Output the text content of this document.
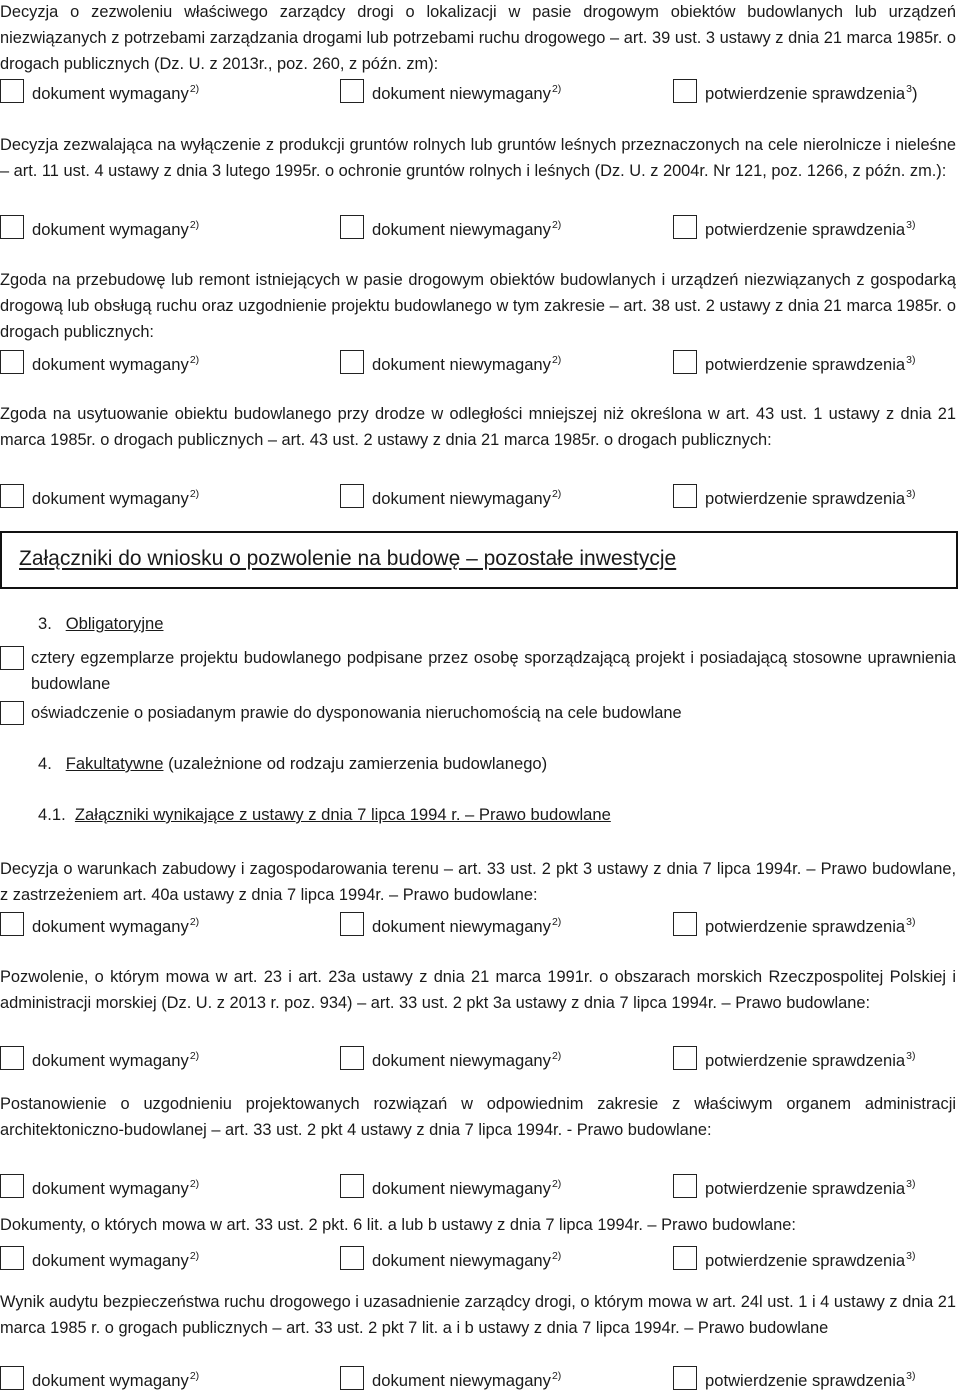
Decyzja o zezwoleniu właściwego zarządcy drogi o lokalizacji w pasie drogowym obiektów budowlanych lub urządzeń niezwiązanych z potrzebami zarządzania drogami lub potrzebami ruchu drogowego – art. 39 ust. 3 ustawy z dnia 21 marca 1985r. o drogach publicznych (Dz. U. z 2013r., poz. 260, z późn. zm):

dokument wymagany 2)	dokument niewymagany 2)	potwierdzenie sprawdzenia 3 )

Decyzja zezwalająca na wyłączenie z produkcji gruntów rolnych lub gruntów leśnych przeznaczonych na cele nierolnicze i nieleśne – art. 11 ust. 4 ustawy z dnia 3 lutego 1995r. o ochronie gruntów rolnych i leśnych (Dz. U. z 2004r. Nr 121, poz. 1266, z późn. zm.):

dokument wymagany 2)	dokument niewymagany 2)	potwierdzenie sprawdzenia 3)

Zgoda na przebudowę lub remont istniejących w pasie drogowym obiektów budowlanych i urządzeń niezwiązanych z gospodarką drogową lub obsługą ruchu oraz uzgodnienie projektu budowlanego w tym zakresie – art. 38 ust. 2 ustawy z dnia 21 marca 1985r. o drogach publicznych:

dokument wymagany 2)	dokument niewymagany 2)	potwierdzenie sprawdzenia 3)

Zgoda na usytuowanie obiektu budowlanego przy drodze w odległości mniejszej niż określona w art. 43 ust. 1 ustawy z dnia 21 marca 1985r. o drogach publicznych – art. 43 ust. 2 ustawy z dnia 21 marca 1985r. o drogach publicznych:

dokument wymagany 2)	dokument niewymagany 2)	potwierdzenie sprawdzenia 3)
Załączniki do wniosku o pozwolenie na budowę – pozostałe inwestycje
3. Obligatoryjne
cztery egzemplarze projektu budowlanego podpisane przez osobę sporządzającą projekt i posiadającą stosowne uprawnienia budowlane
oświadczenie o posiadanym prawie do dysponowania nieruchomością na cele budowlane
4. Fakultatywne (uzależnione od rodzaju zamierzenia budowlanego)
4.1. Załączniki wynikające z ustawy z dnia 7 lipca 1994 r. – Prawo budowlane

Decyzja o warunkach zabudowy i zagospodarowania terenu – art. 33 ust. 2 pkt 3 ustawy z dnia 7 lipca 1994r. – Prawo budowlane, z zastrzeżeniem art. 40a ustawy z dnia 7 lipca 1994r. – Prawo budowlane:

dokument wymagany 2)	dokument niewymagany 2)	potwierdzenie sprawdzenia 3)

Pozwolenie, o którym mowa w art. 23 i art. 23a ustawy z dnia 21 marca 1991r. o obszarach morskich Rzeczpospolitej Polskiej i administracji morskiej (Dz. U. z 2013 r. poz. 934) – art. 33 ust. 2 pkt 3a ustawy z dnia 7 lipca 1994r. – Prawo budowlane:

dokument wymagany 2)	dokument niewymagany 2)	potwierdzenie sprawdzenia 3)

Postanowienie o uzgodnieniu projektowanych rozwiązań w odpowiednim zakresie z właściwym organem administracji architektoniczno-budowlanej – art. 33 ust. 2 pkt 4 ustawy z dnia 7 lipca 1994r. - Prawo budowlane:

dokument wymagany 2)	dokument niewymagany 2)	potwierdzenie sprawdzenia 3)

Dokumenty, o których mowa w art. 33 ust. 2 pkt. 6 lit. a lub b ustawy z dnia 7 lipca 1994r. – Prawo budowlane:

dokument wymagany 2)	dokument niewymagany 2)	potwierdzenie sprawdzenia 3)

Wynik audytu bezpieczeństwa ruchu drogowego i uzasadnienie zarządcy drogi, o którym mowa w art. 24l ust. 1 i 4 ustawy z dnia 21 marca 1985 r. o grogach publicznych – art. 33 ust. 2 pkt 7 lit. a i b ustawy z dnia 7 lipca 1994r. – Prawo budowlane

dokument wymagany 2)	dokument niewymagany 2)	potwierdzenie sprawdzenia 3)
